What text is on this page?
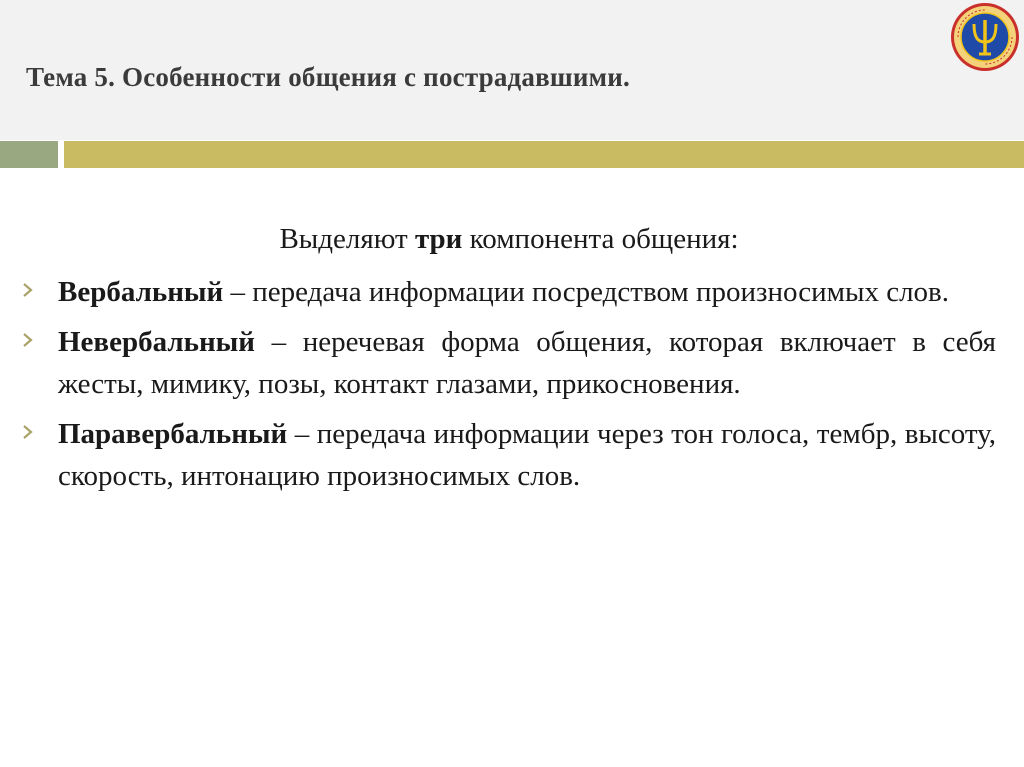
Тема 5. Особенности общения с пострадавшими.
Выделяют три компонента общения:
Вербальный – передача информации посредством произносимых слов.
Невербальный – неречевая форма общения, которая включает в себя жесты, мимику, позы, контакт глазами, прикосновения.
Паравербальный – передача информации через тон голоса, тембр, высоту, скорость, интонацию произносимых слов.
